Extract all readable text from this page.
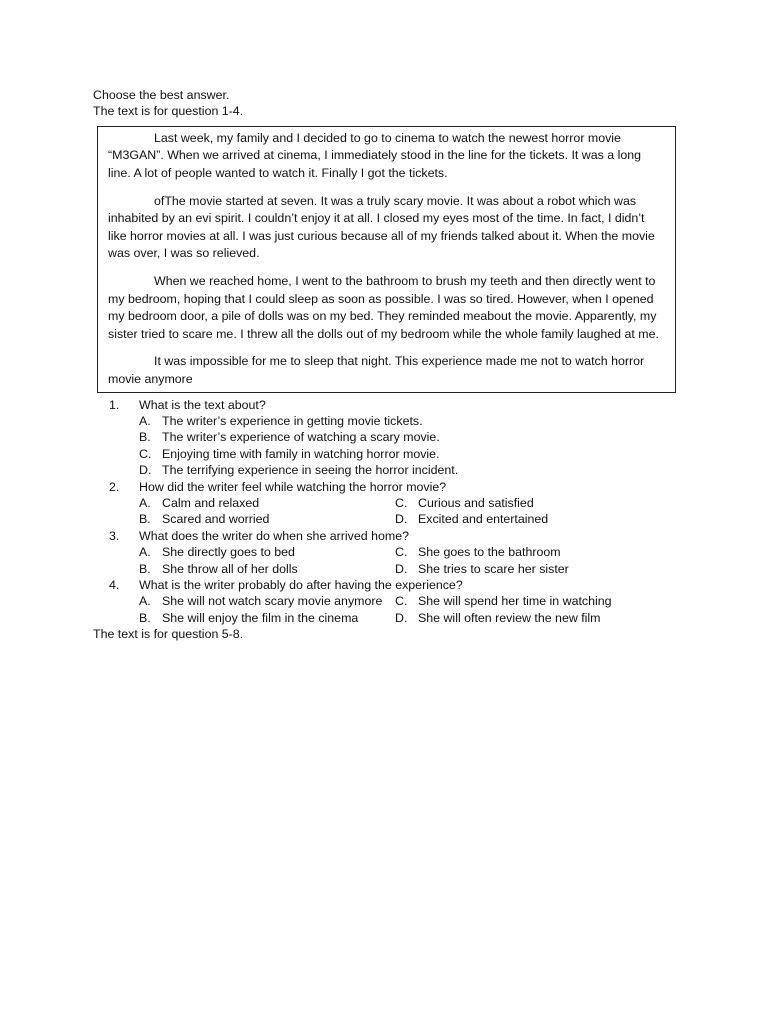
Choose the best answer.

The text is for question 1-4.

Last week, my family and I decided to go to cinema to watch the newest horror movie “M3GAN”. When we arrived at cinema, I immediately stood in the line for the tickets. It was a long line. A lot of people wanted to watch it. Finally I got the tickets.

ofThe movie started at seven. It was a truly scary movie. It was about a robot which was inhabited by an evi spirit. I couldn’t enjoy it at all. I closed my eyes most of the time. In fact, I didn’t like horror movies at all. I was just curious because all of my friends talked about it. When the movie was over, I was so relieved.

When we reached home, I went to the bathroom to brush my teeth and then directly went to my bedroom, hoping that I could sleep as soon as possible. I was so tired. However, when I opened my bedroom door, a pile of dolls was on my bed. They reminded meabout the movie. Apparently, my sister tried to scare me. I threw all the dolls out of my bedroom while the whole family laughed at me.

It was impossible for me to sleep that night. This experience made me not to watch horror movie anymore

1.	What is the text about?
A. The writer’s experience in getting movie tickets.
B. The writer’s experience of watching a scary movie.
C. Enjoying time with family in watching horror movie.
D. The terrifying experience in seeing the horror incident.
2.	How did the writer feel while watching the horror movie?
A. Calm and relaxed	C. Curious and satisfied
B. Scared and worried	D. Excited and entertained
3.	What does the writer do when she arrived home?
A. She directly goes to bed	C. She goes to the bathroom
B. She throw all of her dolls	D. She tries to scare her sister
4.	What is the writer probably do after having the experience?
A. She will not watch scary movie anymore C. She will spend her time in watching
B. She will enjoy the film in the cinema	D. She will often review the new film

The text is for question 5-8.
